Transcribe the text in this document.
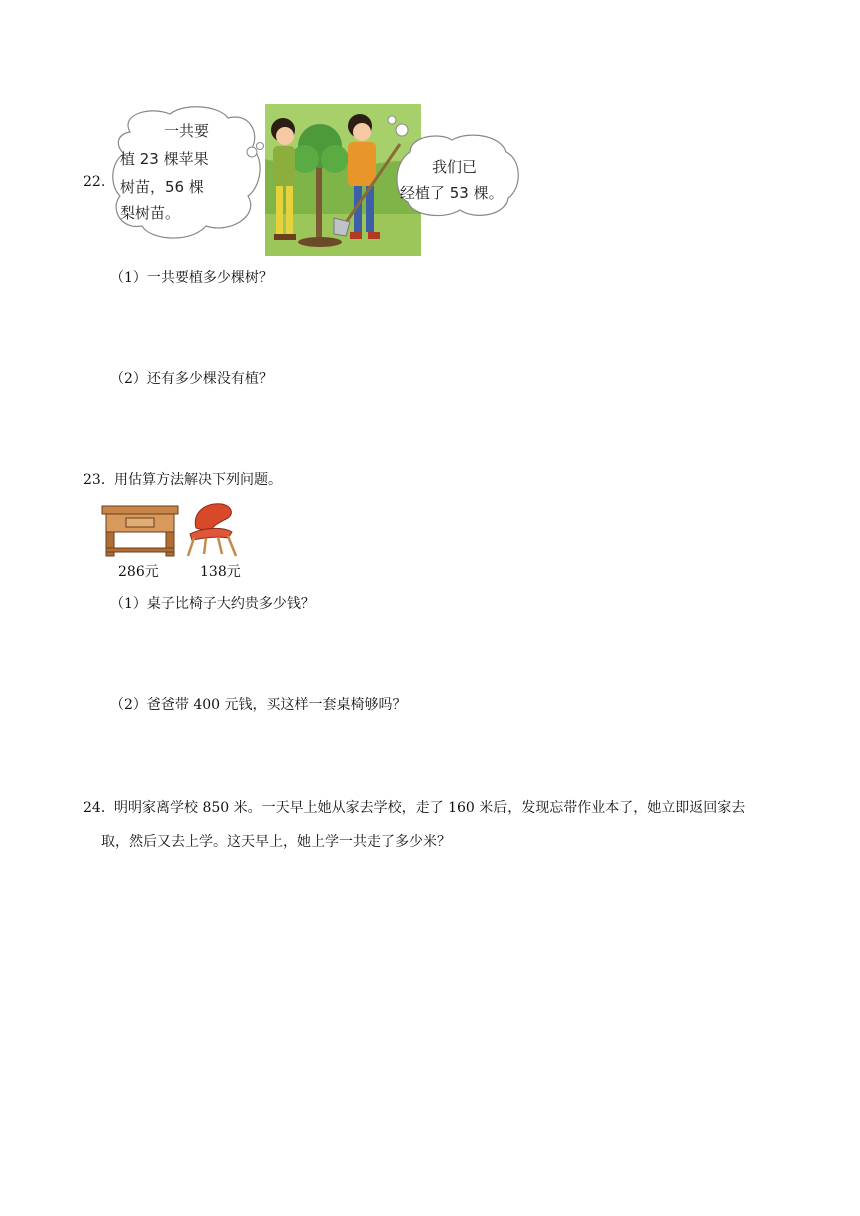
22.
一共要
植 23 棵苹果
树苗，56 棵
梨树苗。
我们已
经植了 53 棵。
（1）一共要植多少棵树？
（2）还有多少棵没有植？
23． 用估算方法解决下列问题。
286元	138元
（1）桌子比椅子大约贵多少钱？
（2）爸爸带 400 元钱，买这样一套桌椅够吗？
24． 明明家离学校 850 米。一天早上她从家去学校，走了 160 米后，发现忘带作业本了，她立即返回家去
取，然后又去上学。这天早上，她上学一共走了多少米？
